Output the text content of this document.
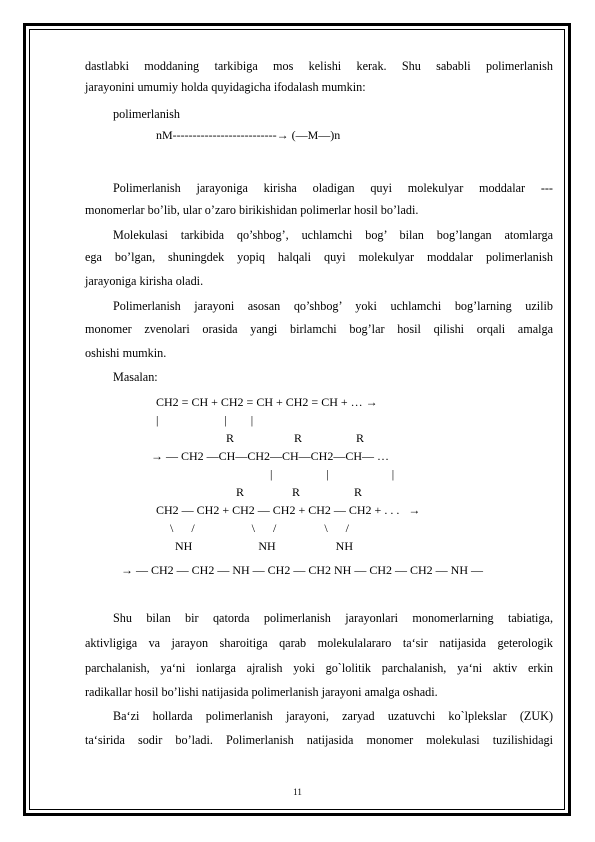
dastlabki moddaning tarkibiga mos kelishi kerak. Shu sababli polimerlanish

jarayonini umumiy holda quyidagicha ifodalash mumkin:

polimerlanish

nM--------------------------→ (—M—)n

Polimerlanish jarayoniga kirisha oladigan quyi molekulyar moddalar ---

monomerlar bo’lib, ular o’zaro birikishidan polimerlar hosil bo’ladi.

Molekulasi tarkibida qo’shbog’, uchlamchi bog’ bilan bog’langan atomlarga

ega bo’lgan, shuningdek yopiq halqali quyi molekulyar moddalar polimerlanish

jarayoniga kirisha oladi.

Polimerlanish jarayoni asosan qo’shbog’ yoki uchlamchi bog’larning uzilib

monomer zvenolari orasida yangi birlamchi bog’lar hosil qilishi orqali amalga

oshishi mumkin.

Masalan:

CH2 = CH + CH2 = CH + CH2 = CH + … →

|                      |        |

R                    R                  R

→ — CH2 —CH—CH2—CH—CH2—CH— …

|                  |                     |

R                R                  R

CH2 — CH2 + CH2 — CH2 + CH2 — CH2 + . . .   →

\      /                   \      /                \      /

NH                      NH                    NH

→ — CH2 — CH2 — NH — CH2 — CH2 NH — CH2 — CH2 — NH —

Shu bilan bir qatorda polimerlanish jarayonlari monomerlarning tabiatiga,

aktivligiga va jarayon sharoitiga qarab molekulalararo ta‘sir natijasida geterologik

parchalanish, ya‘ni ionlarga ajralish yoki go`lolitik parchalanish, ya‘ni aktiv erkin

radikallar hosil bo’lishi natijasida polimerlanish jarayoni amalga oshadi.

Ba‘zi hollarda polimerlanish jarayoni, zaryad uzatuvchi ko`lplekslar (ZUK)

ta‘sirida sodir bo’ladi. Polimerlanish natijasida monomer molekulasi tuzilishidagi

11
